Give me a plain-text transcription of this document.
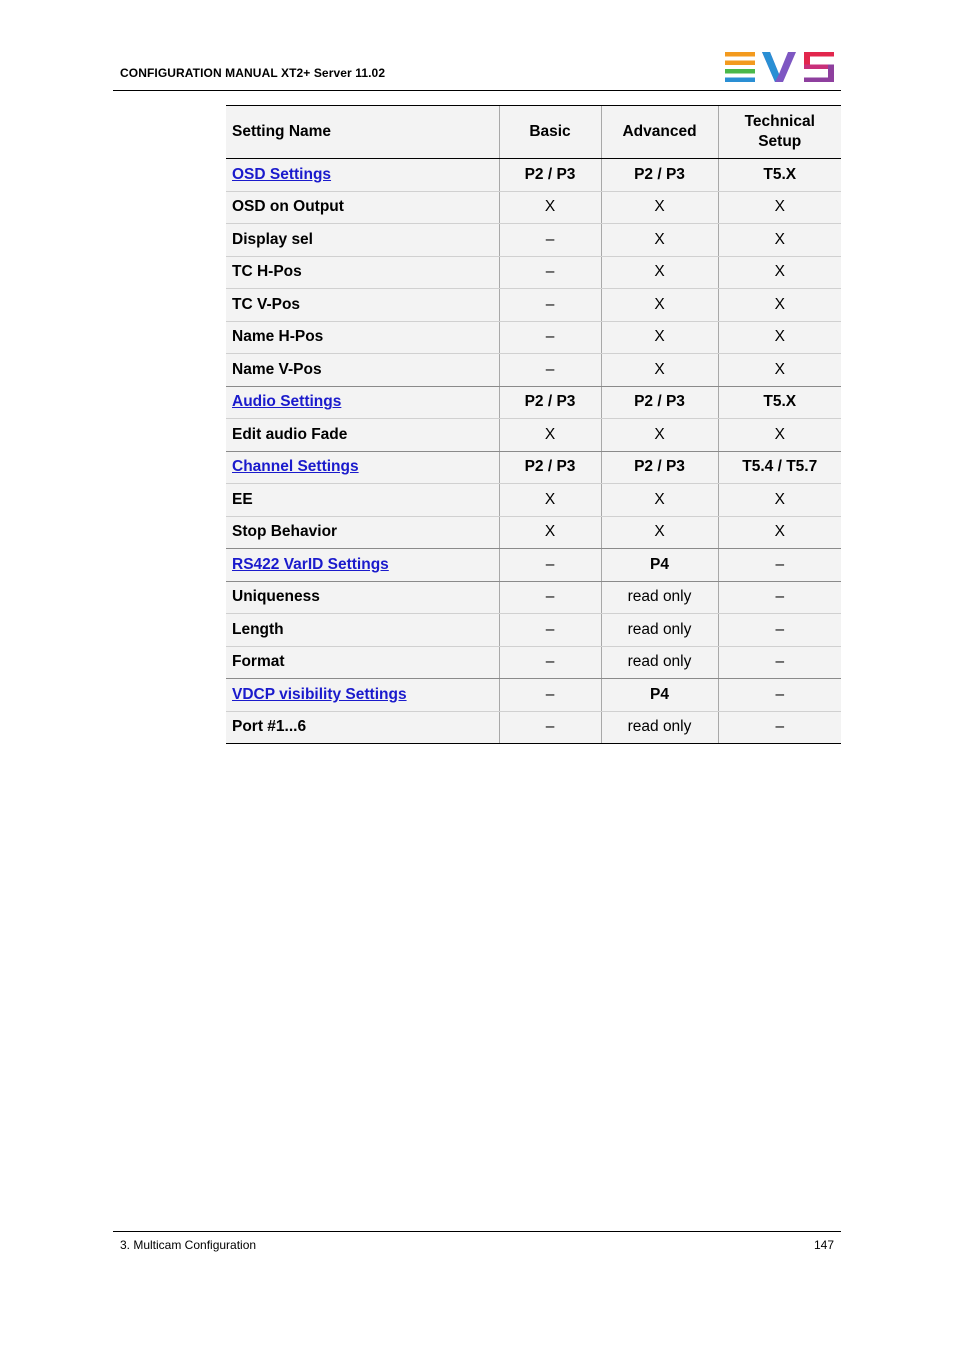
CONFIGURATION MANUAL XT2+ Server 11.02
Setting Name	Basic	Advanced	Technical Setup
OSD Settings	P2 / P3	P2 / P3	T5.X
OSD on Output	X	X	X
Display sel	–	X	X
TC H-Pos	–	X	X
TC V-Pos	–	X	X
Name H-Pos	–	X	X
Name V-Pos	–	X	X
Audio Settings	P2 / P3	P2 / P3	T5.X
Edit audio Fade	X	X	X
Channel Settings	P2 / P3	P2 / P3	T5.4 / T5.7
EE	X	X	X
Stop Behavior	X	X	X
RS422 VarID Settings	–	P4	–
Uniqueness	–	read only	–
Length	–	read only	–
Format	–	read only	–
VDCP visibility Settings	–	P4	–
Port #1...6	–	read only	–
3. Multicam Configuration	147
